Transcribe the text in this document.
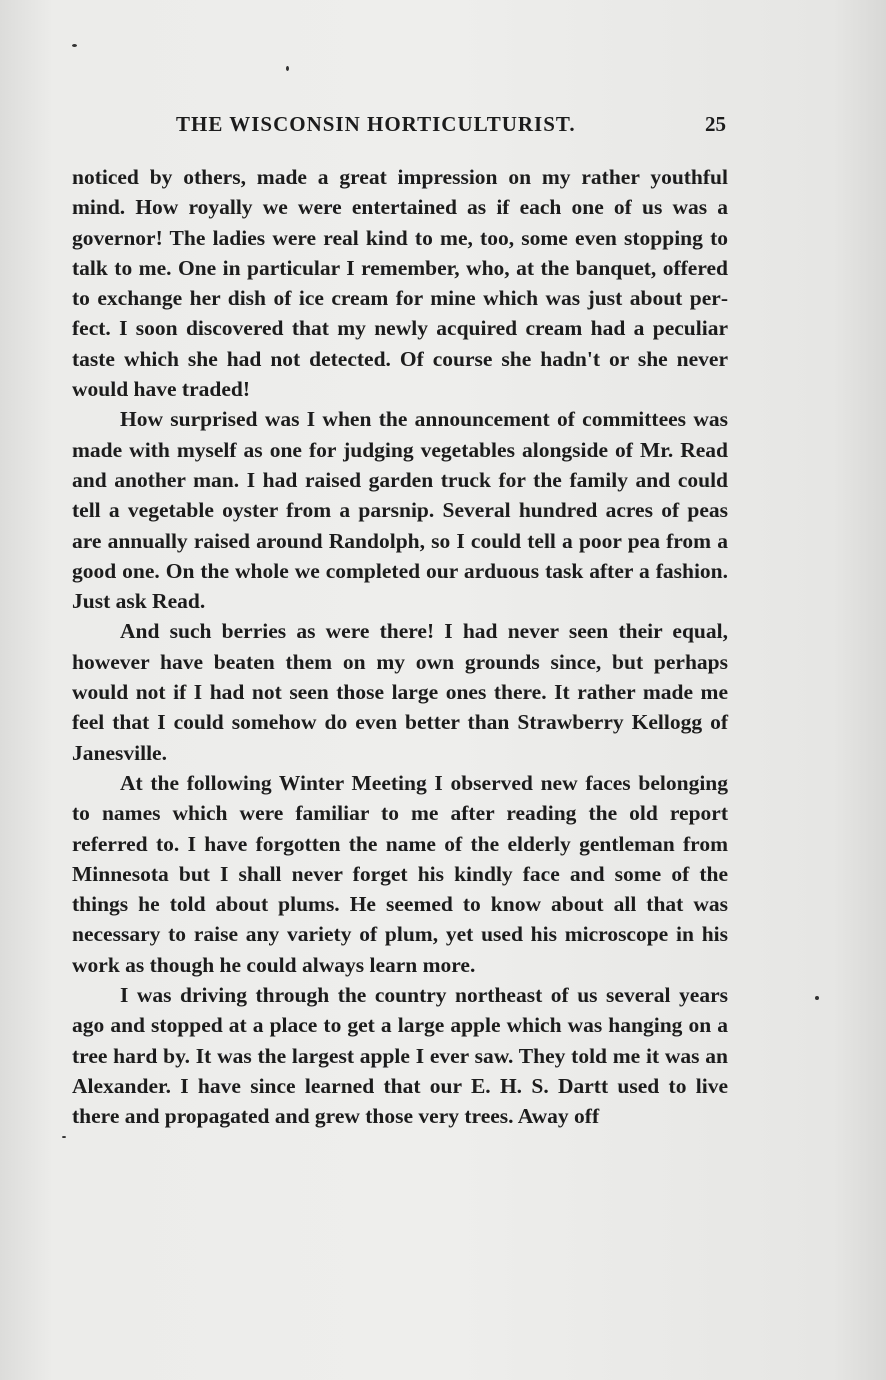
THE WISCONSIN HORTICULTURIST.	25

noticed by others, made a great impression on my rather youthful mind. How royally we were entertained as if each one of us was a governor! The ladies were real kind to me, too, some even stopping to talk to me. One in particular I remember, who, at the banquet, offered to exchange her dish of ice cream for mine which was just about perfect. I soon discovered that my newly acquired cream had a peculiar taste which she had not detected. Of course she hadn't or she never would have traded!

How surprised was I when the announcement of committees was made with myself as one for judging vegetables alongside of Mr. Read and another man. I had raised garden truck for the family and could tell a vegetable oyster from a parsnip. Several hundred acres of peas are annually raised around Randolph, so I could tell a poor pea from a good one. On the whole we completed our arduous task after a fashion. Just ask Read.

And such berries as were there! I had never seen their equal, however have beaten them on my own grounds since, but perhaps would not if I had not seen those large ones there. It rather made me feel that I could somehow do even better than Strawberry Kellogg of Janesville.

At the following Winter Meeting I observed new faces belonging to names which were familiar to me after reading the old report referred to. I have forgotten the name of the elderly gentleman from Minnesota but I shall never forget his kindly face and some of the things he told about plums. He seemed to know about all that was necessary to raise any variety of plum, yet used his microscope in his work as though he could always learn more.

I was driving through the country northeast of us several years ago and stopped at a place to get a large apple which was hanging on a tree hard by. It was the largest apple I ever saw. They told me it was an Alexander. I have since learned that our E. H. S. Dartt used to live there and propagated and grew those very trees. Away off
